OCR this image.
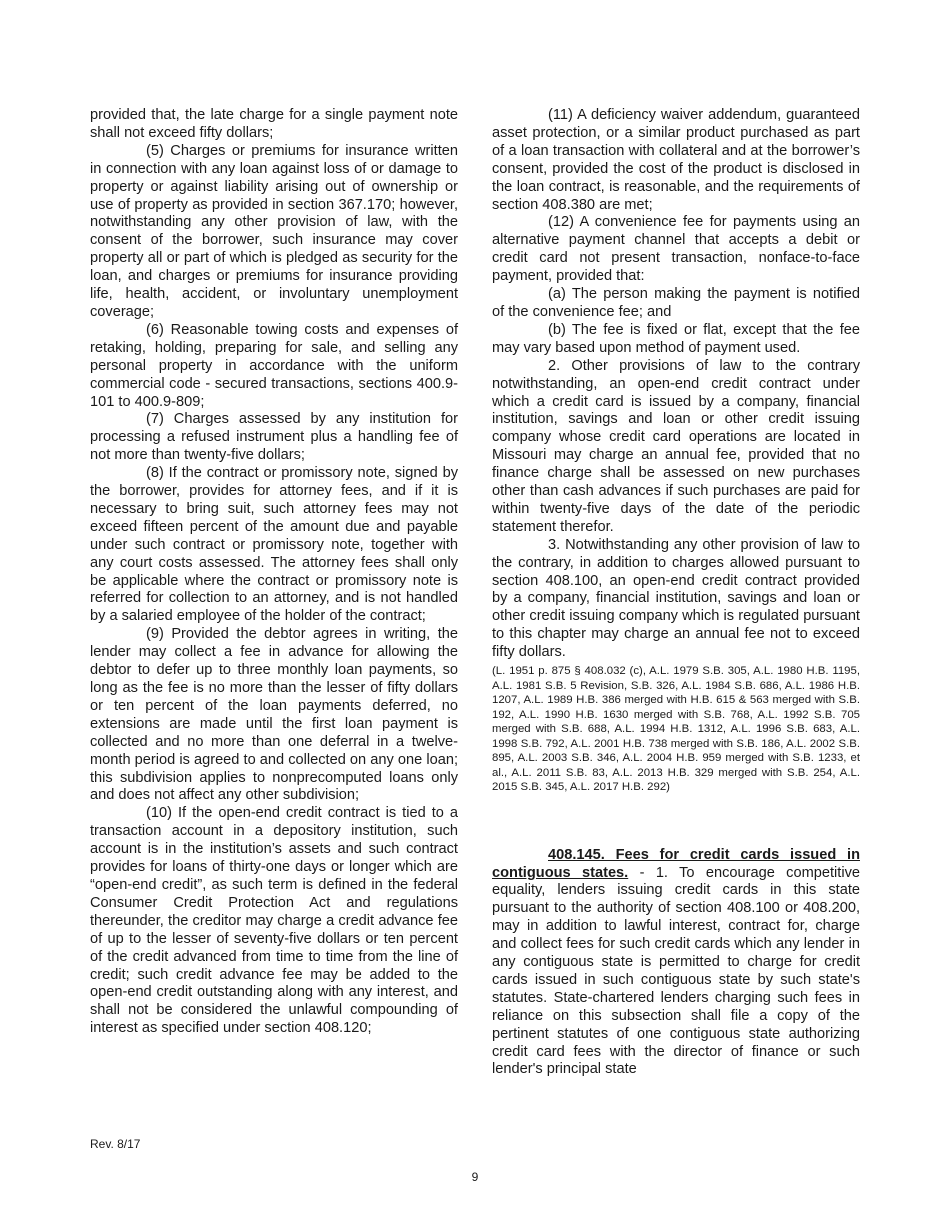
provided that, the late charge for a single payment note shall not exceed fifty dollars;

(5) Charges or premiums for insurance written in connection with any loan against loss of or damage to property or against liability arising out of ownership or use of property as provided in section 367.170; however, notwithstanding any other provision of law, with the consent of the borrower, such insurance may cover property all or part of which is pledged as security for the loan, and charges or premiums for insurance providing life, health, accident, or involuntary unemployment coverage;

(6) Reasonable towing costs and expenses of retaking, holding, preparing for sale, and selling any personal property in accordance with the uniform commercial code - secured transactions, sections 400.9-101 to 400.9-809;

(7) Charges assessed by any institution for processing a refused instrument plus a handling fee of not more than twenty-five dollars;

(8) If the contract or promissory note, signed by the borrower, provides for attorney fees, and if it is necessary to bring suit, such attorney fees may not exceed fifteen percent of the amount due and payable under such contract or promissory note, together with any court costs assessed. The attorney fees shall only be applicable where the contract or promissory note is referred for collection to an attorney, and is not handled by a salaried employee of the holder of the contract;

(9) Provided the debtor agrees in writing, the lender may collect a fee in advance for allowing the debtor to defer up to three monthly loan payments, so long as the fee is no more than the lesser of fifty dollars or ten percent of the loan payments deferred, no extensions are made until the first loan payment is collected and no more than one deferral in a twelve-month period is agreed to and collected on any one loan; this subdivision applies to nonprecomputed loans only and does not affect any other subdivision;

(10) If the open-end credit contract is tied to a transaction account in a depository institution, such account is in the institution’s assets and such contract provides for loans of thirty-one days or longer which are “open-end credit”, as such term is defined in the federal Consumer Credit Protection Act and regulations thereunder, the creditor may charge a credit advance fee of up to the lesser of seventy-five dollars or ten percent of the credit advanced from time to time from the line of credit; such credit advance fee may be added to the open-end credit outstanding along with any interest, and shall not be considered the unlawful compounding of interest as specified under section 408.120;

(11) A deficiency waiver addendum, guaranteed asset protection, or a similar product purchased as part of a loan transaction with collateral and at the borrower’s consent, provided the cost of the product is disclosed in the loan contract, is reasonable, and the requirements of section 408.380 are met;

(12) A convenience fee for payments using an alternative payment channel that accepts a debit or credit card not present transaction, nonface-to-face payment, provided that:

(a) The person making the payment is notified of the convenience fee; and

(b) The fee is fixed or flat, except that the fee may vary based upon method of payment used.

2. Other provisions of law to the contrary notwithstanding, an open-end credit contract under which a credit card is issued by a company, financial institution, savings and loan or other credit issuing company whose credit card operations are located in Missouri may charge an annual fee, provided that no finance charge shall be assessed on new purchases other than cash advances if such purchases are paid for within twenty-five days of the date of the periodic statement therefor.

3. Notwithstanding any other provision of law to the contrary, in addition to charges allowed pursuant to section 408.100, an open-end credit contract provided by a company, financial institution, savings and loan or other credit issuing company which is regulated pursuant to this chapter may charge an annual fee not to exceed fifty dollars.

(L. 1951 p. 875 § 408.032 (c), A.L. 1979 S.B. 305, A.L. 1980 H.B. 1195, A.L. 1981 S.B. 5 Revision, S.B. 326, A.L. 1984 S.B. 686, A.L. 1986 H.B. 1207, A.L. 1989 H.B. 386 merged with H.B. 615 & 563 merged with S.B. 192, A.L. 1990 H.B. 1630 merged with S.B. 768, A.L. 1992 S.B. 705 merged with S.B. 688, A.L. 1994 H.B. 1312, A.L. 1996 S.B. 683, A.L. 1998 S.B. 792, A.L. 2001 H.B. 738 merged with S.B. 186, A.L. 2002 S.B. 895, A.L. 2003 S.B. 346, A.L. 2004 H.B. 959 merged with S.B. 1233, et al., A.L. 2011 S.B. 83, A.L. 2013 H.B. 329 merged with S.B. 254, A.L. 2015 S.B. 345, A.L. 2017 H.B. 292)

408.145. Fees for credit cards issued in contiguous states. - 1. To encourage competitive equality, lenders issuing credit cards in this state pursuant to the authority of section 408.100 or 408.200, may in addition to lawful interest, contract for, charge and collect fees for such credit cards which any lender in any contiguous state is permitted to charge for credit cards issued in such contiguous state by such state's statutes. State-chartered lenders charging such fees in reliance on this subsection shall file a copy of the pertinent statutes of one contiguous state authorizing credit card fees with the director of finance or such lender's principal state

Rev. 8/17
9
